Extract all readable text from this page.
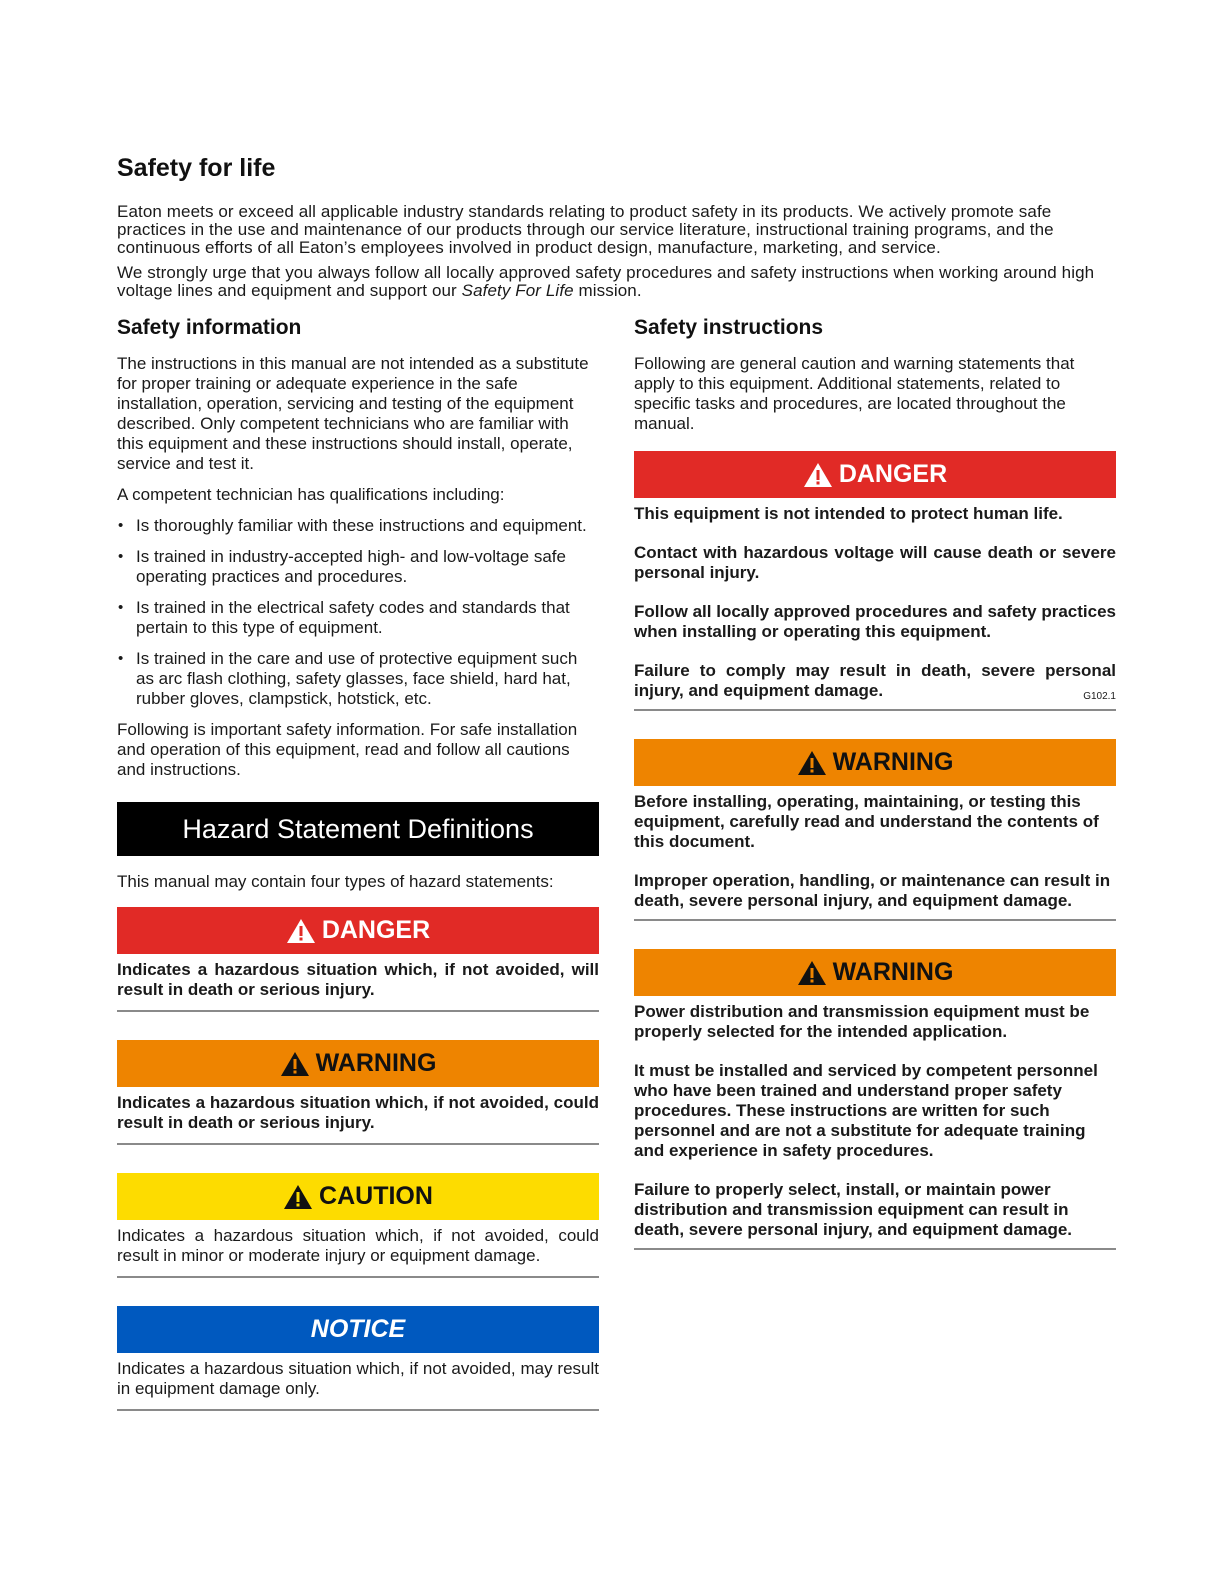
Safety for life

Eaton meets or exceed all applicable industry standards relating to product safety in its products. We actively promote safe practices in the use and maintenance of our products through our service literature, instructional training programs, and the continuous efforts of all Eaton’s employees involved in product design, manufacture, marketing, and service.

We strongly urge that you always follow all locally approved safety procedures and safety instructions when working around high voltage lines and equipment and support our Safety For Life mission.

Safety information

The instructions in this manual are not intended as a substitute for proper training or adequate experience in the safe installation, operation, servicing and testing of the equipment described. Only competent technicians who are familiar with this equipment and these instructions should install, operate, service and test it.

A competent technician has qualifications including:

• Is thoroughly familiar with these instructions and equipment.
• Is trained in industry-accepted high- and low-voltage safe operating practices and procedures.
• Is trained in the electrical safety codes and standards that pertain to this type of equipment.
• Is trained in the care and use of protective equipment such as arc flash clothing, safety glasses, face shield, hard hat, rubber gloves, clampstick, hotstick, etc.

Following is important safety information. For safe installation and operation of this equipment, read and follow all cautions and instructions.

Hazard Statement Definitions

This manual may contain four types of hazard statements:

DANGER
Indicates a hazardous situation which, if not avoided, will result in death or serious injury.
WARNING
Indicates a hazardous situation which, if not avoided, could result in death or serious injury.
CAUTION
Indicates a hazardous situation which, if not avoided, could result in minor or moderate injury or equipment damage.
NOTICE
Indicates a hazardous situation which, if not avoided, may result in equipment damage only.
Safety instructions

Following are general caution and warning statements that apply to this equipment. Additional statements, related to specific tasks and procedures, are located throughout the manual.

DANGER

This equipment is not intended to protect human life.

Contact with hazardous voltage will cause death or severe personal injury.

Follow all locally approved procedures and safety practices when installing or operating this equipment.

Failure to comply may result in death, severe personal injury, and equipment damage.	G102.1

WARNING

Before installing, operating, maintaining, or testing this equipment, carefully read and understand the contents of this document.

Improper operation, handling, or maintenance can result in death, severe personal injury, and equipment damage.

WARNING

Power distribution and transmission equipment must be properly selected for the intended application.

It must be installed and serviced by competent personnel who have been trained and understand proper safety procedures. These instructions are written for such personnel and are not a substitute for adequate training and experience in safety procedures.

Failure to properly select, install, or maintain power distribution and transmission equipment can result in death, severe personal injury, and equipment damage.
